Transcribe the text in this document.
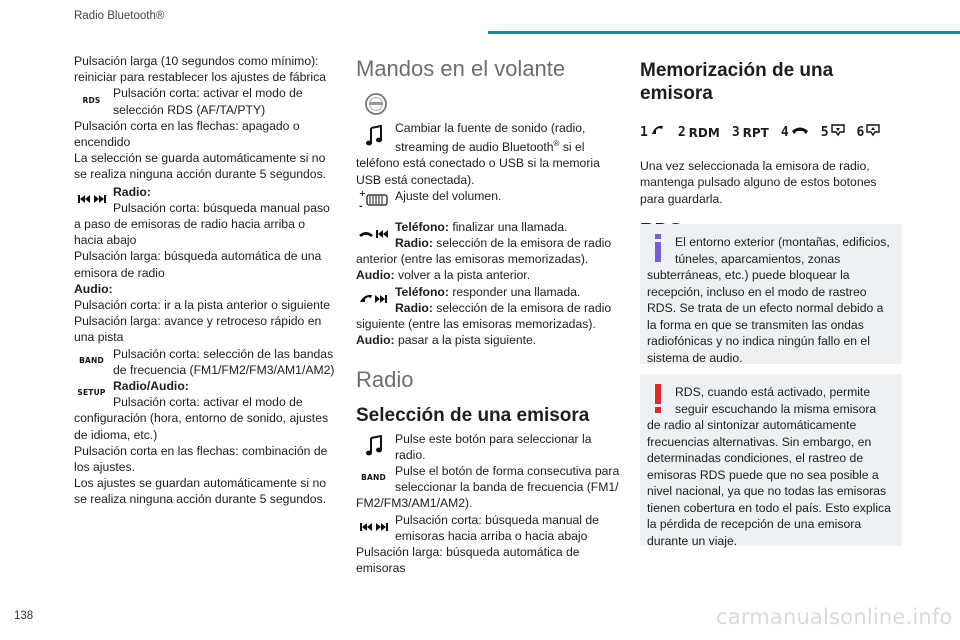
Radio Bluetooth®
Pulsación larga (10 segundos como mínimo): reiniciar para restablecer los ajustes de fábrica
RDS Pulsación corta: activar el modo de selección RDS (AF/TA/PTY)
Pulsación corta en las flechas: apagado o encendido
La selección se guarda automáticamente si no se realiza ninguna acción durante 5 segundos.
Radio:
Pulsación corta: búsqueda manual paso a paso de emisoras de radio hacia arriba o hacia abajo
Pulsación larga: búsqueda automática de una emisora de radio
Audio:
Pulsación corta: ir a la pista anterior o siguiente
Pulsación larga: avance y retroceso rápido en una pista
BAND Pulsación corta: selección de las bandas de frecuencia (FM1/FM2/FM3/AM1/AM2)
SETUP Radio/Audio:
Pulsación corta: activar el modo de configuración (hora, entorno de sonido, ajustes de idioma, etc.)
Pulsación corta en las flechas: combinación de los ajustes.
Los ajustes se guardan automáticamente si no se realiza ninguna acción durante 5 segundos.
Mandos en el volante
Cambiar la fuente de sonido (radio, streaming de audio Bluetooth® si el teléfono está conectado o USB si la memoria USB está conectada).
+
-
Ajuste del volumen.
Teléfono: finalizar una llamada.
Radio: selección de la emisora de radio anterior (entre las emisoras memorizadas).
Audio: volver a la pista anterior.
Teléfono: responder una llamada.
Radio: selección de la emisora de radio siguiente (entre las emisoras memorizadas).
Audio: pasar a la pista siguiente.
Radio
Selección de una emisora
Pulse este botón para seleccionar la radio.
BAND Pulse el botón de forma consecutiva para seleccionar la banda de frecuencia (FM1/ FM2/FM3/AM1/AM2).
Pulsación corta: búsqueda manual de emisoras hacia arriba o hacia abajo
Pulsación larga: búsqueda automática de emisoras
Memorización de una emisora
1 2 RDM 3 RPT 4 5 6
Una vez seleccionada la emisora de radio, mantenga pulsado alguno de estos botones para guardarla.
El entorno exterior (montañas, edificios, túneles, aparcamientos, zonas subterráneas, etc.) puede bloquear la recepción, incluso en el modo de rastreo RDS. Se trata de un efecto normal debido a la forma en que se transmiten las ondas radiofónicas y no indica ningún fallo en el sistema de audio.
RDS, cuando está activado, permite seguir escuchando la misma emisora de radio al sintonizar automáticamente frecuencias alternativas. Sin embargo, en determinadas condiciones, el rastreo de emisoras RDS puede que no sea posible a nivel nacional, ya que no todas las emisoras tienen cobertura en todo el país. Esto explica la pérdida de recepción de una emisora durante un viaje.
138	carmanualsonline.info
